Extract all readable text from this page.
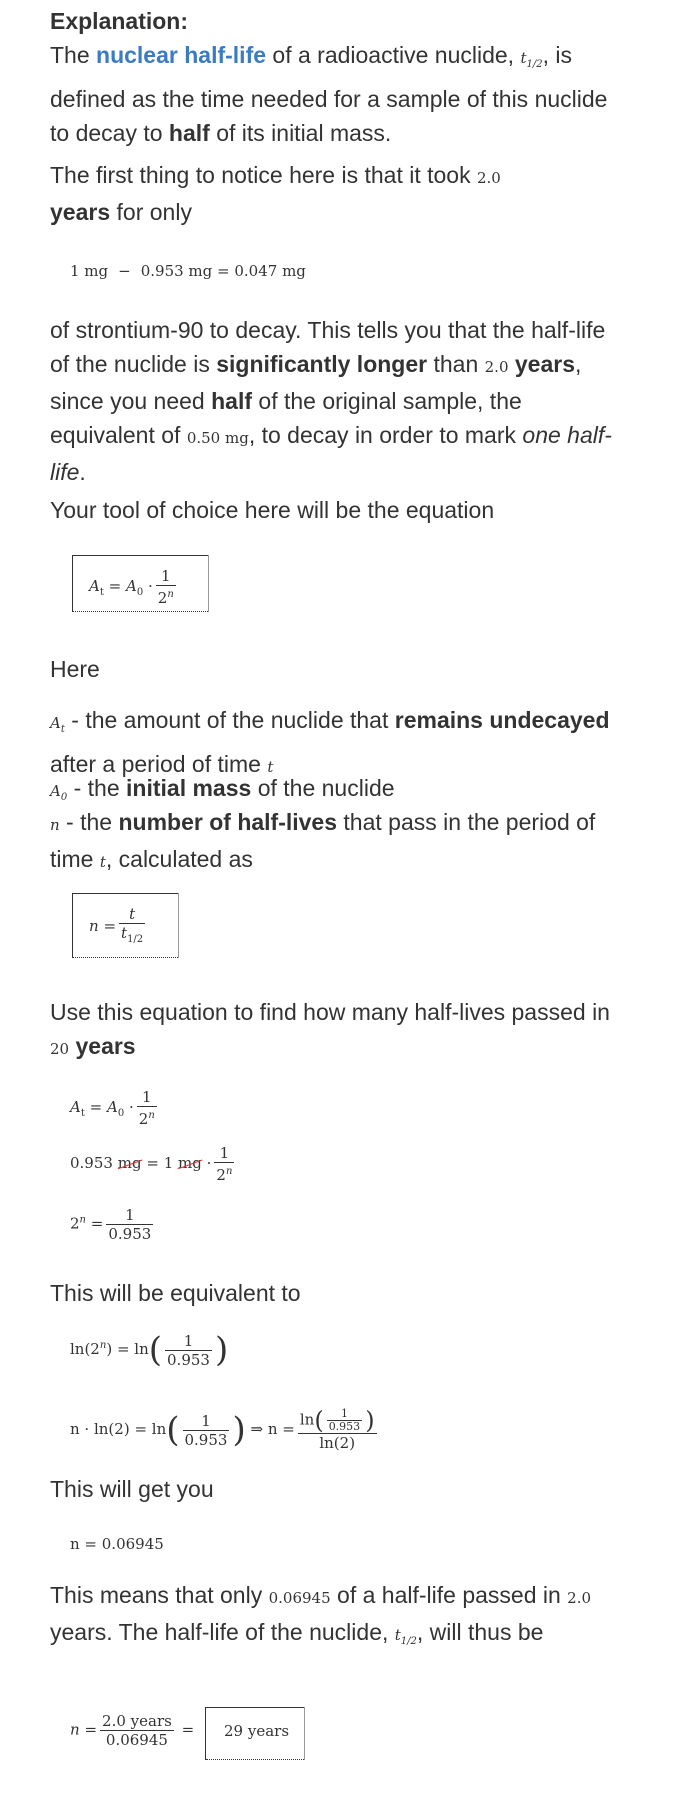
Explanation:

The nuclear half-life of a radioactive nuclide, $t_{1/2}$, is defined as the time needed for a sample of this nuclide to decay to half of its initial mass.

The first thing to notice here is that it took 2.0
years for only

1 mg − 0.953 mg = 0.047 mg

of strontium-90 to decay. This tells you that the half-life of the nuclide is significantly longer than 2.0 years, since you need half of the original sample, the equivalent of 0.50 mg, to decay in order to mark one half-life.

Your tool of choice here will be the equation

$A_t = A_0 \cdot \frac{1}{2^n}$

Here

$A_t$ - the amount of the nuclide that remains undecayed after a period of time t

$A_0$ - the initial mass of the nuclide

n - the number of half-lives that pass in the period of time t, calculated as

$n = \frac{t}{t_{1/2}}$

Use this equation to find how many half-lives passed in 20 years

$A_t = A_0 \cdot \frac{1}{2^n}$
0.953 mg = 1 mg · $\frac{1}{2^n}$
$2^n = \frac{1}{0.953}$

This will be equivalent to

$\ln(2^n) = \ln( \frac{1}{0.953}$ )
$n \cdot \ln(2) = \ln( \frac{1}{0.953}$ ) ⇒ $n = \frac{\ln( \frac{1}{0.953} )}{\ln(2)}$

This will get you

n = 0.06945

This means that only 0.06945 of a half-life passed in 2.0 years. The half-life of the nuclide, $t_{1/2}$, will thus be

$n = \frac{\text{2.0 years}}{0.06945} = 29$ years
